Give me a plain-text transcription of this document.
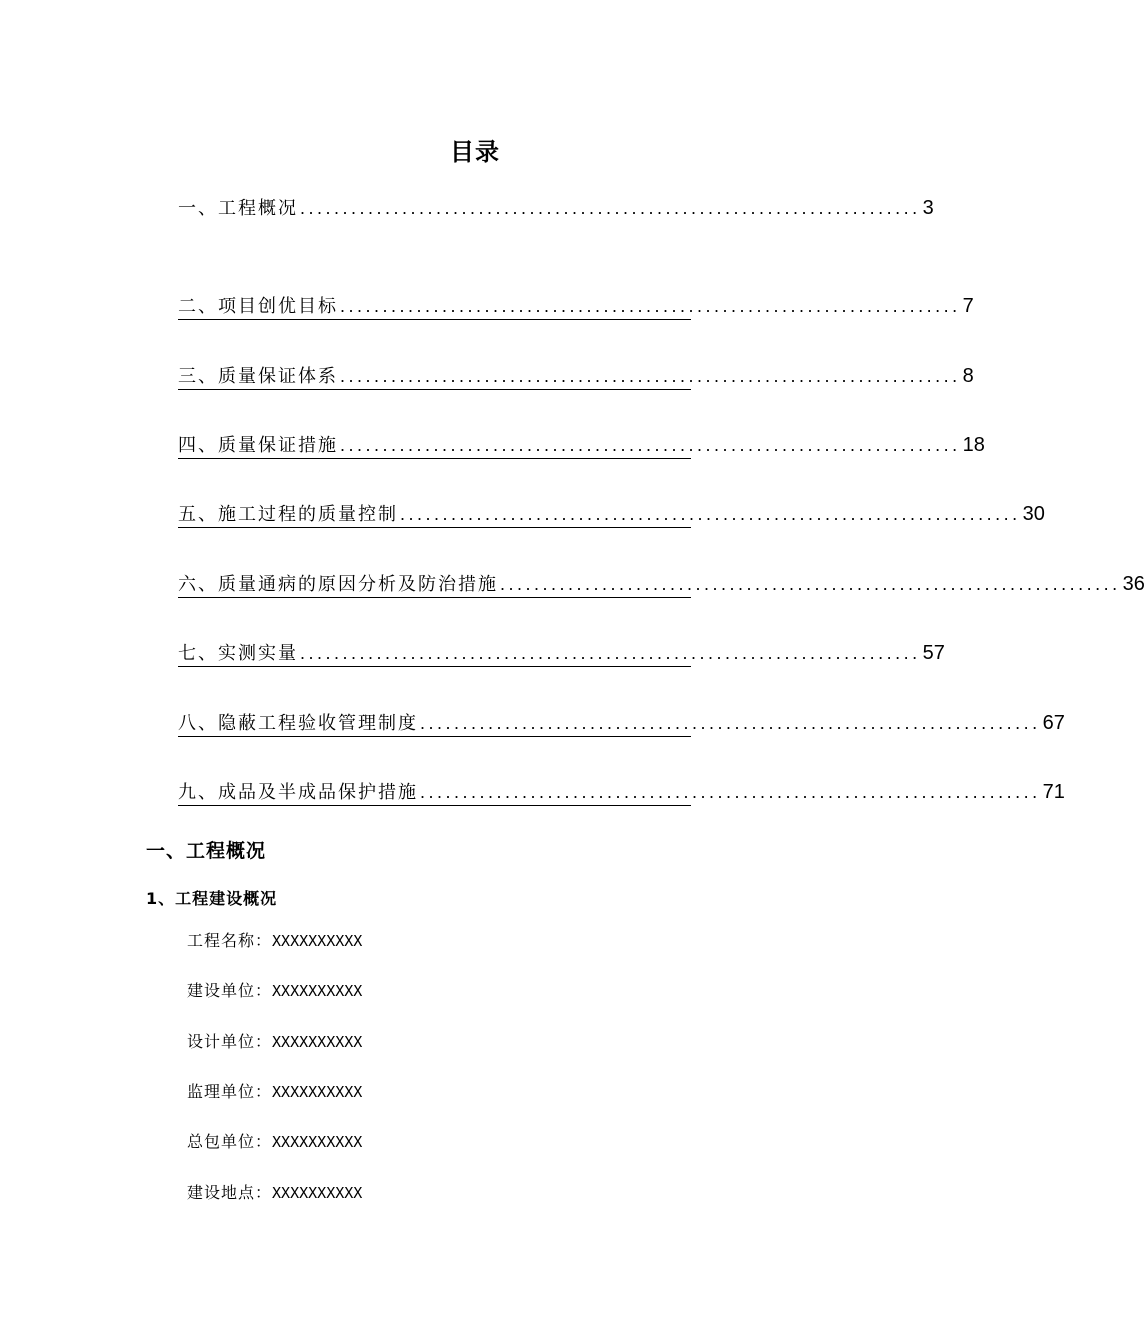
目录
一、工程概况 ......................................................................... 3
二、项目创优目标 ......................................................................... 7
三、质量保证体系 ......................................................................... 8
四、质量保证措施 ......................................................................... 18
五、施工过程的质量控制 ......................................................................... 30
六、质量通病的原因分析及防治措施 ......................................................................... 36
七、实测实量 ......................................................................... 57
八、隐蔽工程验收管理制度 ......................................................................... 67
九、成品及半成品保护措施 ......................................................................... 71
一、工程概况
1、工程建设概况
工程名称：XXXXXXXXXX
建设单位：XXXXXXXXXX
设计单位：XXXXXXXXXX
监理单位：XXXXXXXXXX
总包单位：XXXXXXXXXX
建设地点：XXXXXXXXXX
